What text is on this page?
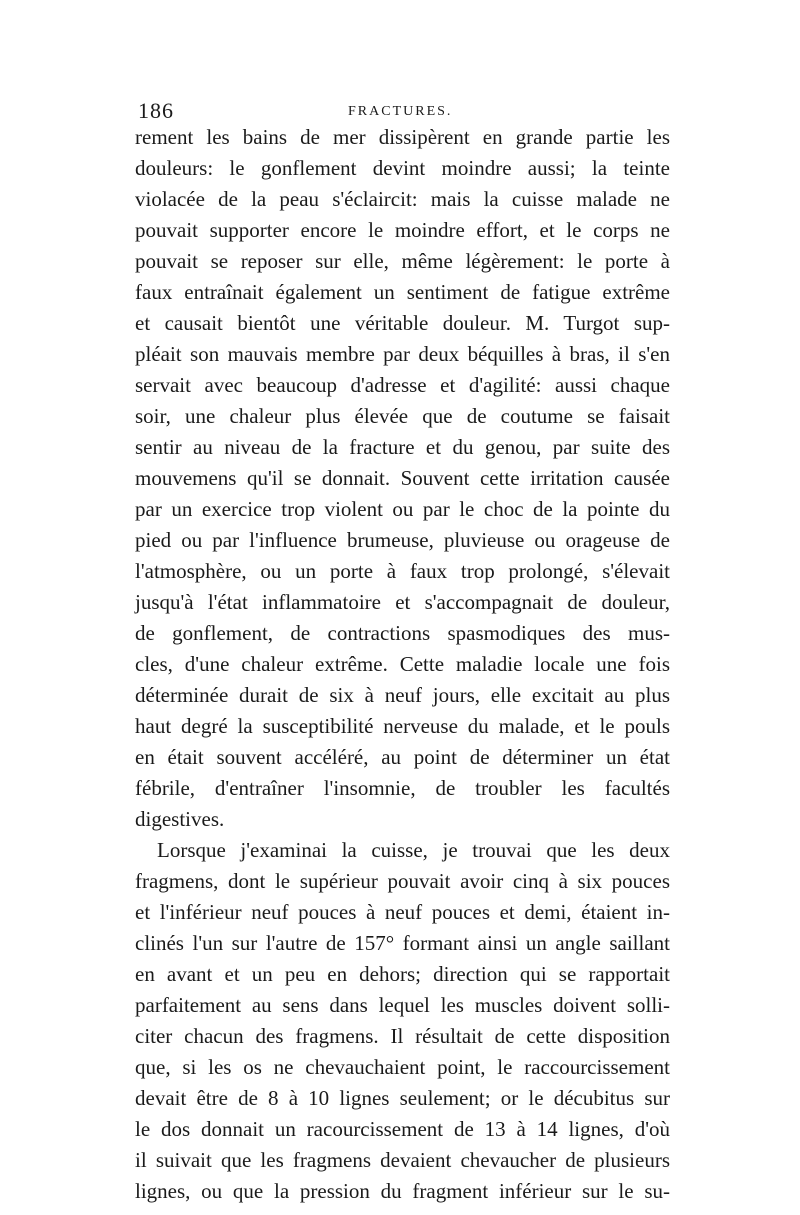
186	FRACTURES.
rement les bains de mer dissipèrent en grande partie les
douleurs: le gonflement devint moindre aussi; la teinte
violacée de la peau s'éclaircit: mais la cuisse malade ne
pouvait supporter encore le moindre effort, et le corps ne
pouvait se reposer sur elle, même légèrement: le porte à
faux entraînait également un sentiment de fatigue extrême
et causait bientôt une véritable douleur. M. Turgot sup-
pléait son mauvais membre par deux béquilles à bras, il s'en
servait avec beaucoup d'adresse et d'agilité: aussi chaque
soir, une chaleur plus élevée que de coutume se faisait
sentir au niveau de la fracture et du genou, par suite des
mouvemens qu'il se donnait. Souvent cette irritation causée
par un exercice trop violent ou par le choc de la pointe du
pied ou par l'influence brumeuse, pluvieuse ou orageuse de
l'atmosphère, ou un porte à faux trop prolongé, s'élevait
jusqu'à l'état inflammatoire et s'accompagnait de douleur,
de gonflement, de contractions spasmodiques des mus-
cles, d'une chaleur extrême. Cette maladie locale une fois
déterminée durait de six à neuf jours, elle excitait au plus
haut degré la susceptibilité nerveuse du malade, et le pouls
en était souvent accéléré, au point de déterminer un état
fébrile, d'entraîner l'insomnie, de troubler les facultés
digestives.
Lorsque j'examinai la cuisse, je trouvai que les deux
fragmens, dont le supérieur pouvait avoir cinq à six pouces
et l'inférieur neuf pouces à neuf pouces et demi, étaient in-
clinés l'un sur l'autre de 157° formant ainsi un angle saillant
en avant et un peu en dehors; direction qui se rapportait
parfaitement au sens dans lequel les muscles doivent solli-
citer chacun des fragmens. Il résultait de cette disposition
que, si les os ne chevauchaient point, le raccourcissement
devait être de 8 à 10 lignes seulement; or le décubitus sur
le dos donnait un racourcissement de 13 à 14 lignes, d'où
il suivait que les fragmens devaient chevaucher de plusieurs
lignes, ou que la pression du fragment inférieur sur le su-
